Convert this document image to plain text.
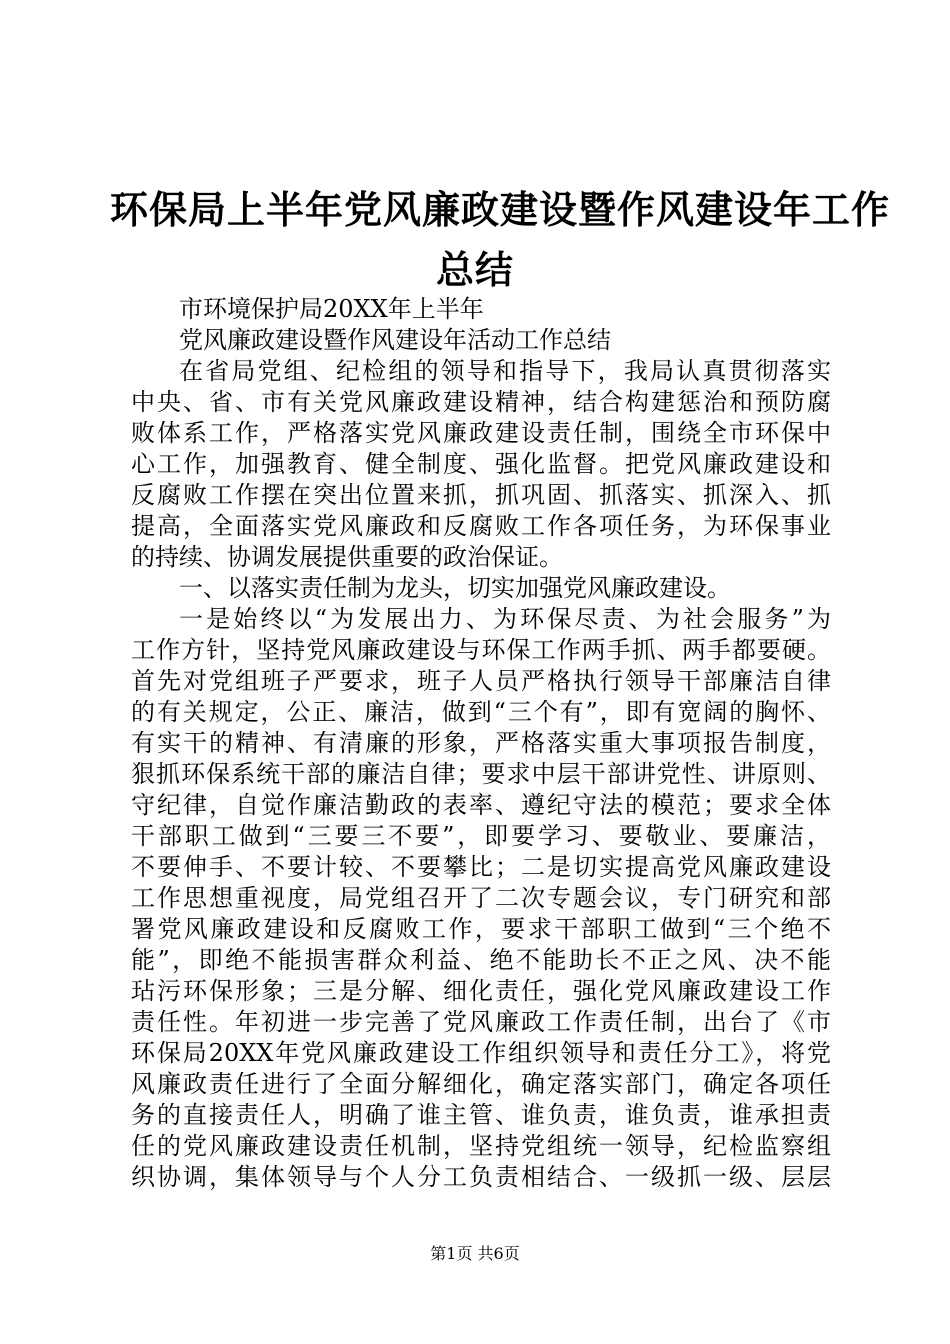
环保局上半年党风廉政建设暨作风建设年工作
总结
市环境保护局20XX年上半年
党风廉政建设暨作风建设年活动工作总结
在省局党组、纪检组的领导和指导下，我局认真贯彻落实
中央、省、市有关党风廉政建设精神，结合构建惩治和预防腐
败体系工作，严格落实党风廉政建设责任制，围绕全市环保中
心工作，加强教育、健全制度、强化监督。把党风廉政建设和
反腐败工作摆在突出位置来抓，抓巩固、抓落实、抓深入、抓
提高，全面落实党风廉政和反腐败工作各项任务，为环保事业
的持续、协调发展提供重要的政治保证。
一、以落实责任制为龙头，切实加强党风廉政建设。
一是始终以“为发展出力、为环保尽责、为社会服务”为
工作方针，坚持党风廉政建设与环保工作两手抓、两手都要硬。
首先对党组班子严要求，班子人员严格执行领导干部廉洁自律
的有关规定，公正、廉洁，做到“三个有”，即有宽阔的胸怀、
有实干的精神、有清廉的形象，严格落实重大事项报告制度，
狠抓环保系统干部的廉洁自律；要求中层干部讲党性、讲原则、
守纪律，自觉作廉洁勤政的表率、遵纪守法的模范；要求全体
干部职工做到“三要三不要”，即要学习、要敬业、要廉洁，
不要伸手、不要计较、不要攀比；二是切实提高党风廉政建设
工作思想重视度，局党组召开了二次专题会议，专门研究和部
署党风廉政建设和反腐败工作，要求干部职工做到“三个绝不
能”，即绝不能损害群众利益、绝不能助长不正之风、决不能
玷污环保形象；三是分解、细化责任，强化党风廉政建设工作
责任性。年初进一步完善了党风廉政工作责任制，出台了《市
环保局20XX年党风廉政建设工作组织领导和责任分工》，将党
风廉政责任进行了全面分解细化，确定落实部门，确定各项任
务的直接责任人，明确了谁主管、谁负责，谁负责，谁承担责
任的党风廉政建设责任机制，坚持党组统一领导，纪检监察组
织协调，集体领导与个人分工负责相结合、一级抓一级、层层
第1页 共6页
